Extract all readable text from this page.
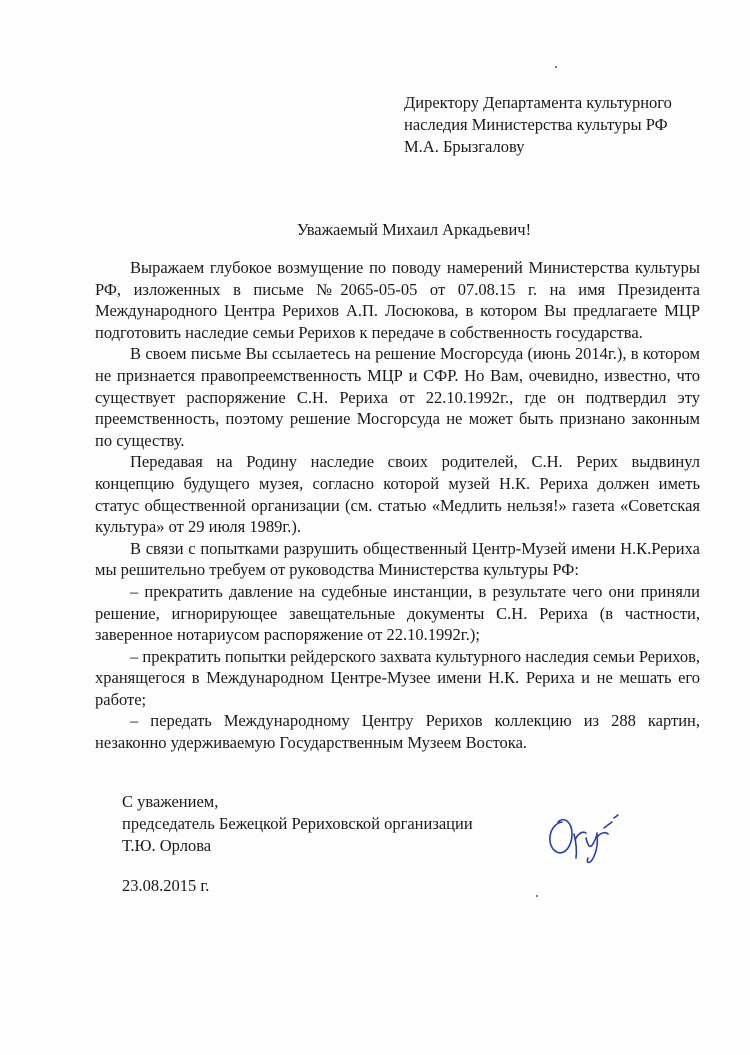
Директору Департамента культурного
наследия Министерства культуры РФ
М.А. Брызгалову
Уважаемый Михаил Аркадьевич!

Выражаем глубокое возмущение по поводу намерений Министерства культуры РФ, изложенных в письме №2065-05-05 от 07.08.15 г. на имя Президента Международного Центра Рерихов А.П. Лосюкова, в котором Вы предлагаете МЦР подготовить наследие семьи Рерихов к передаче в собственность государства.

В своем письме Вы ссылаетесь на решение Мосгорсуда (июнь 2014г.), в котором не признается правопреемственность МЦР и СФР. Но Вам, очевидно, известно, что существует распоряжение С.Н. Рериха от 22.10.1992г., где он подтвердил эту преемственность, поэтому решение Мосгорсуда не может быть признано законным по существу.

Передавая на Родину наследие своих родителей, С.Н. Рерих выдвинул концепцию будущего музея, согласно которой музей Н.К. Рериха должен иметь статус общественной организации (см. статью «Медлить нельзя!» газета «Советская культура» от 29 июля 1989г.).

В связи с попытками разрушить общественный Центр-Музей имени Н.К.Рериха мы решительно требуем от руководства Министерства культуры РФ:

– прекратить давление на судебные инстанции, в результате чего они приняли решение, игнорирующее завещательные документы С.Н. Рериха (в частности, заверенное нотариусом распоряжение от 22.10.1992г.);

– прекратить попытки рейдерского захвата культурного наследия семьи Рерихов, хранящегося в Международном Центре-Музее имени Н.К. Рериха и не мешать его работе;

– передать Международному Центру Рерихов коллекцию из 288 картин, незаконно удерживаемую Государственным Музеем Востока.

С уважением,
председатель Бежецкой Рериховской организации
Т.Ю. Орлова
23.08.2015 г.
